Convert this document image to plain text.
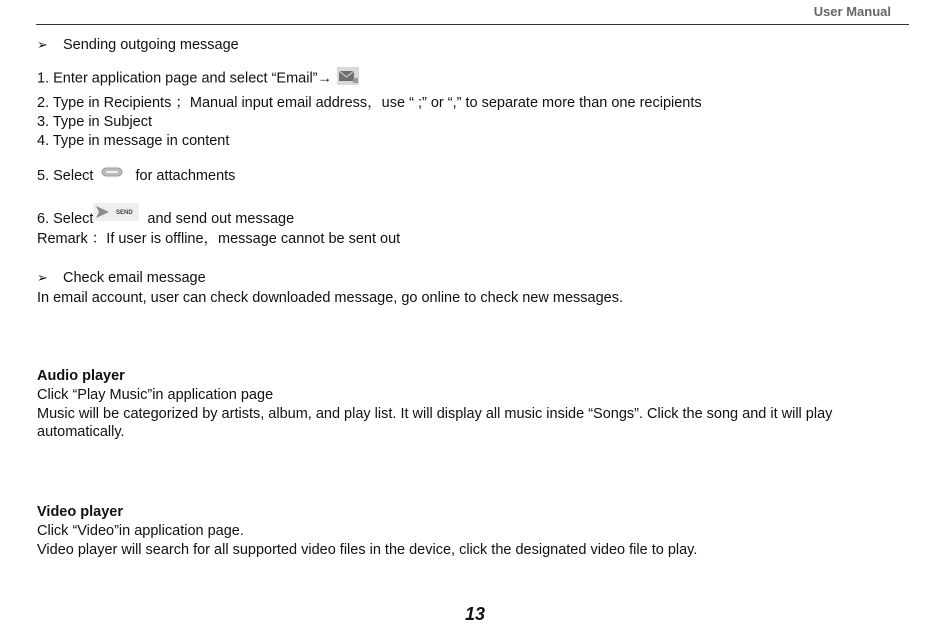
User Manual
➢ Sending outgoing message
1. Enter application page and select “Email”→
2. Type in Recipients ；Manual input email address，use “ ;” or “,” to separate more than one recipients
3. Type in Subject
4. Type in message in content
5. Select	for attachments
6. Select	SEND and send out message
Remark ：If user is offline，message cannot be sent out
➢ Check email message
In email account, user can check downloaded message, go online to check new messages.
Audio player
Click “Play Music”in application page
Music will be categorized by artists, album, and play list. It will display all music inside “Songs”. Click the song and it will play automatically.
Video player
Click “Video”in application page.
Video player will search for all supported video files in the device, click the designated video file to play.
13
